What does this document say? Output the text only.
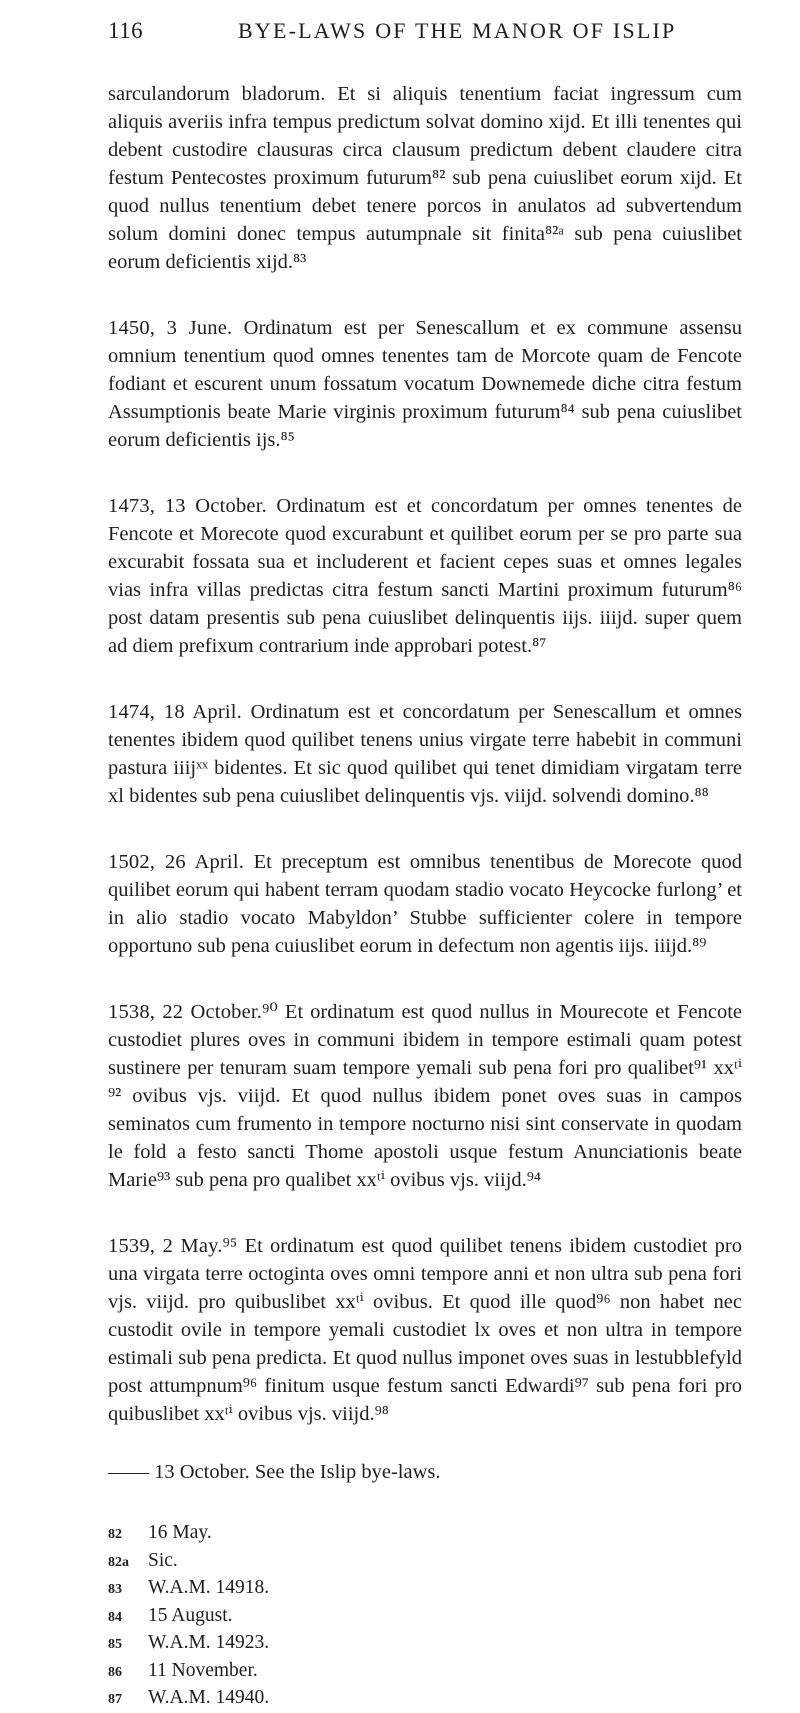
116	BYE-LAWS OF THE MANOR OF ISLIP

sarculandorum bladorum. Et si aliquis tenentium faciat ingressum cum aliquis averiis infra tempus predictum solvat domino xijd. Et illi tenentes qui debent custodire clausuras circa clausum predictum debent claudere citra festum Pentecostes proximum futurum⁸² sub pena cuiuslibet eorum xijd. Et quod nullus tenentium debet tenere porcos in anulatos ad subvertendum solum domini donec tempus autumpnale sit finita⁸²ᵃ sub pena cuiuslibet eorum deficientis xijd.⁸³

1450, 3 June. Ordinatum est per Senescallum et ex commune assensu omnium tenentium quod omnes tenentes tam de Morcote quam de Fencote fodiant et escurent unum fossatum vocatum Downemede diche citra festum Assumptionis beate Marie virginis proximum futurum⁸⁴ sub pena cuiuslibet eorum deficientis ijs.⁸⁵

1473, 13 October. Ordinatum est et concordatum per omnes tenentes de Fencote et Morecote quod excurabunt et quilibet eorum per se pro parte sua excurabit fossata sua et includerent et facient cepes suas et omnes legales vias infra villas predictas citra festum sancti Martini proximum futurum⁸⁶ post datam presentis sub pena cuiuslibet delinquentis iijs. iiijd. super quem ad diem prefixum contrarium inde approbari potest.⁸⁷

1474, 18 April. Ordinatum est et concordatum per Senescallum et omnes tenentes ibidem quod quilibet tenens unius virgate terre habebit in communi pastura iiijˣˣ bidentes. Et sic quod quilibet qui tenet dimidiam virgatam terre xl bidentes sub pena cuiuslibet delinquentis vjs. viijd. solvendi domino.⁸⁸

1502, 26 April. Et preceptum est omnibus tenentibus de Morecote quod quilibet eorum qui habent terram quodam stadio vocato Heycocke furlong’ et in alio stadio vocato Mabyldon’ Stubbe sufficienter colere in tempore opportuno sub pena cuiuslibet eorum in defectum non agentis iijs. iiijd.⁸⁹

1538, 22 October.⁹⁰ Et ordinatum est quod nullus in Mourecote et Fencote custodiet plures oves in communi ibidem in tempore estimali quam potest sustinere per tenuram suam tempore yemali sub pena fori pro qualibet⁹¹ xxᵗⁱ ⁹² ovibus vjs. viijd. Et quod nullus ibidem ponet oves suas in campos seminatos cum frumento in tempore nocturno nisi sint conservate in quodam le fold a festo sancti Thome apostoli usque festum Anunciationis beate Marie⁹³ sub pena pro qualibet xxᵗⁱ ovibus vjs. viijd.⁹⁴

1539, 2 May.⁹⁵ Et ordinatum est quod quilibet tenens ibidem custodiet pro una virgata terre octoginta oves omni tempore anni et non ultra sub pena fori vjs. viijd. pro quibuslibet xxᵗⁱ ovibus. Et quod ille quod⁹⁶ non habet nec custodit ovile in tempore yemali custodiet lx oves et non ultra in tempore estimali sub pena predicta. Et quod nullus imponet oves suas in lestubblefyld post attumpnum⁹⁶ finitum usque festum sancti Edwardi⁹⁷ sub pena fori pro quibuslibet xxᵗⁱ ovibus vjs. viijd.⁹⁸

—— 13 October. See the Islip bye-laws.

82	16 May.
82a Sic.
83	W.A.M. 14918.
84	15 August.
85	W.A.M. 14923.
86	11 November.
87	W.A.M. 14940.
